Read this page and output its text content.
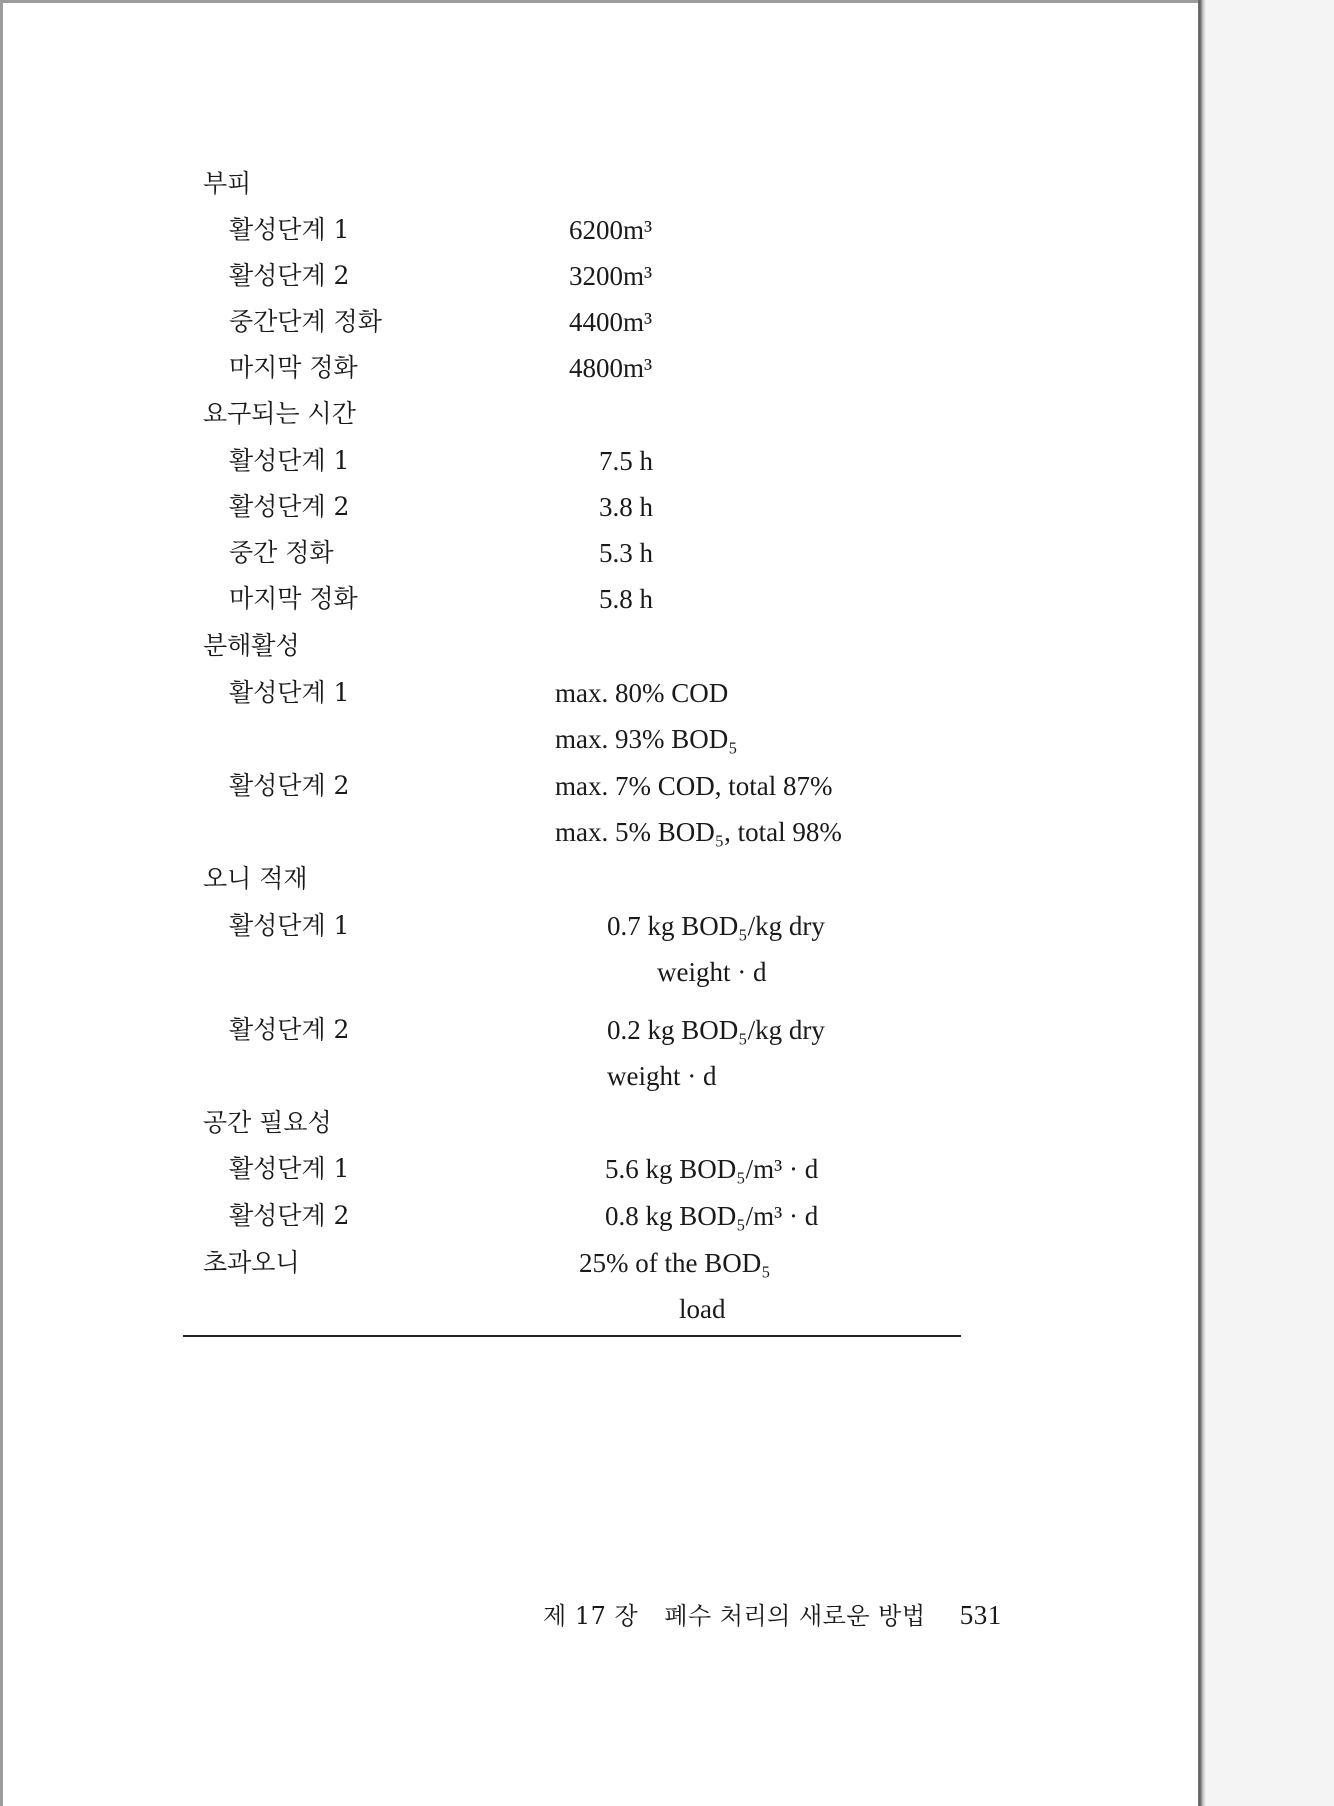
부피
활성단계 1	6200m³
활성단계 2	3200m³
중간단계 정화	4400m³
마지막 정화	4800m³
요구되는 시간
활성단계 1	7.5 h
활성단계 2	3.8 h
중간 정화	5.3 h
마지막 정화	5.8 h
분해활성
활성단계 1	max. 80% COD
max. 93% BOD₅
활성단계 2	max. 7% COD, total 87%
max. 5% BOD₅, total 98%
오니 적재
활성단계 1	0.7 kg BOD₅/kg dry
weight · d
활성단계 2	0.2 kg BOD₅/kg dry
weight · d
공간 필요성
활성단계 1	5.6 kg BOD₅/m³ · d
활성단계 2	0.8 kg BOD₅/m³ · d
초과오니	25% of the BOD₅
load
제 17 장 폐수 처리의 새로운 방법 531
